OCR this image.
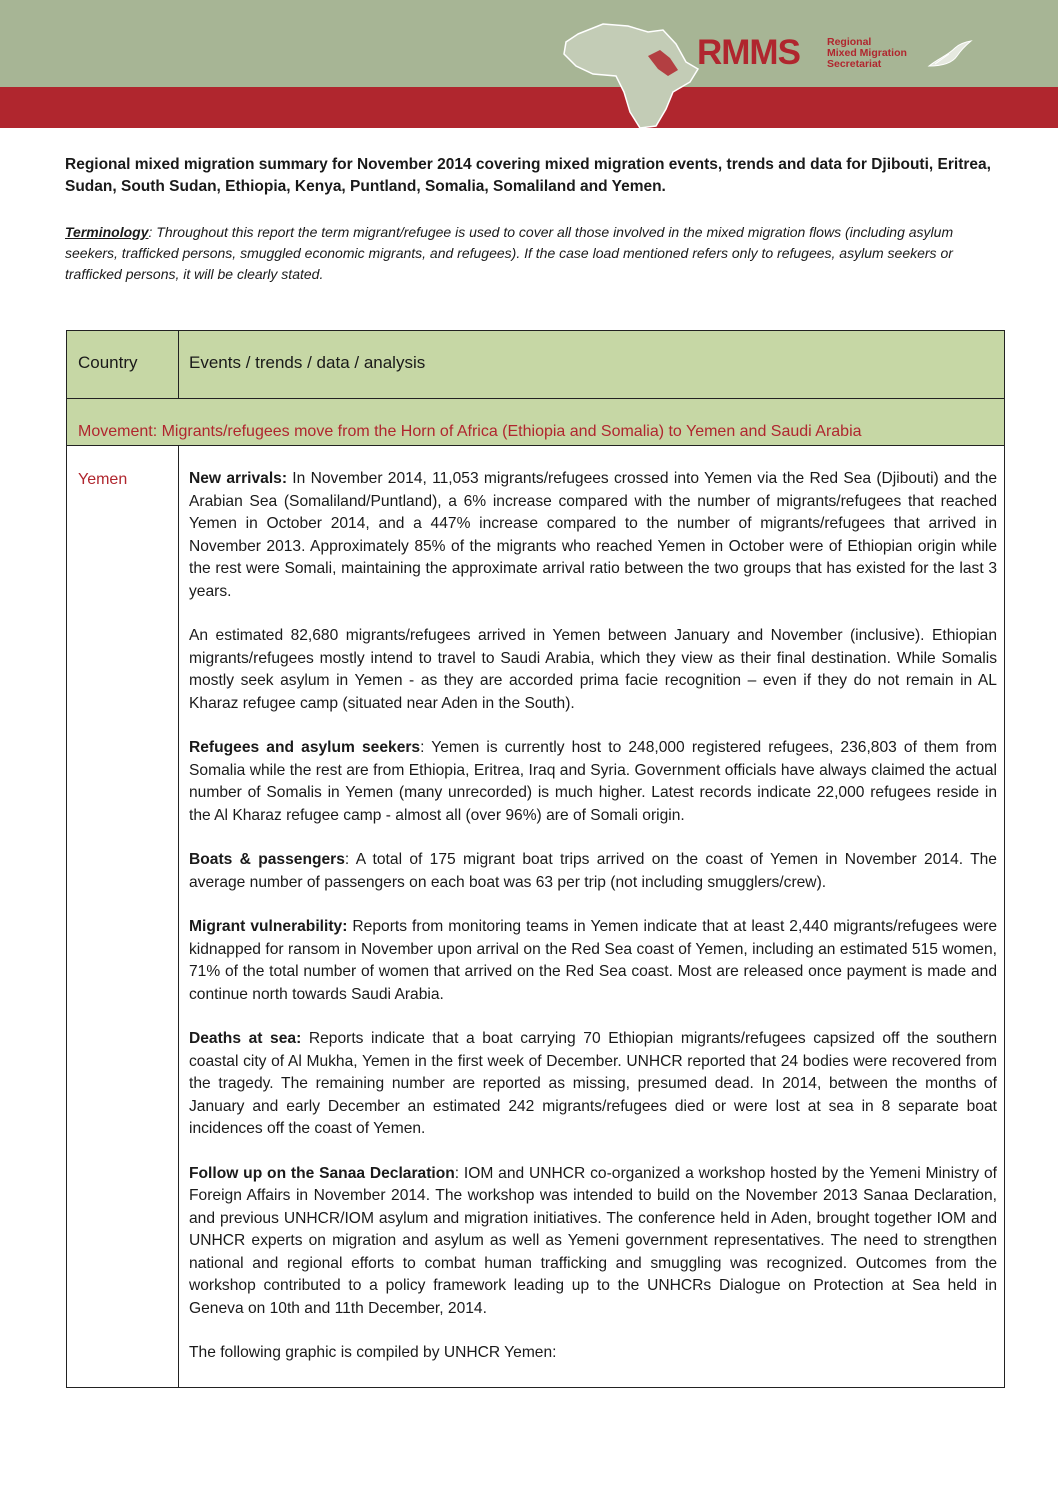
RMMS	Regional
Mixed Migration
Secretariat

Regional mixed migration summary for November 2014 covering mixed migration events, trends and data for Djibouti, Eritrea, Sudan, South Sudan, Ethiopia, Kenya, Puntland, Somalia, Somaliland and Yemen.

Terminology: Throughout this report the term migrant/refugee is used to cover all those involved in the mixed migration flows (including asylum seekers, trafficked persons, smuggled economic migrants, and refugees). If the case load mentioned refers only to refugees, asylum seekers or trafficked persons, it will be clearly stated.

Country	Events / trends / data / analysis
Movement: Migrants/refugees move from the Horn of Africa (Ethiopia and Somalia) to Yemen and Saudi Arabia
Yemen	New arrivals: In November 2014, 11,053 migrants/refugees crossed into Yemen via the Red Sea (Djibouti) and the Arabian Sea (Somaliland/Puntland), a 6% increase compared with the number of migrants/refugees that reached Yemen in October 2014, and a 447% increase compared to the number of migrants/refugees that arrived in November 2013. Approximately 85% of the migrants who reached Yemen in October were of Ethiopian origin while the rest were Somali, maintaining the approximate arrival ratio between the two groups that has existed for the last 3 years.

An estimated 82,680 migrants/refugees arrived in Yemen between January and November (inclusive). Ethiopian migrants/refugees mostly intend to travel to Saudi Arabia, which they view as their final destination. While Somalis mostly seek asylum in Yemen - as they are accorded prima facie recognition – even if they do not remain in AL Kharaz refugee camp (situated near Aden in the South).

Refugees and asylum seekers: Yemen is currently host to 248,000 registered refugees, 236,803 of them from Somalia while the rest are from Ethiopia, Eritrea, Iraq and Syria. Government officials have always claimed the actual number of Somalis in Yemen (many unrecorded) is much higher. Latest records indicate 22,000 refugees reside in the Al Kharaz refugee camp - almost all (over 96%) are of Somali origin.

Boats & passengers: A total of 175 migrant boat trips arrived on the coast of Yemen in November 2014. The average number of passengers on each boat was 63 per trip (not including smugglers/crew).

Migrant vulnerability: Reports from monitoring teams in Yemen indicate that at least 2,440 migrants/refugees were kidnapped for ransom in November upon arrival on the Red Sea coast of Yemen, including an estimated 515 women, 71% of the total number of women that arrived on the Red Sea coast. Most are released once payment is made and continue north towards Saudi Arabia.

Deaths at sea: Reports indicate that a boat carrying 70 Ethiopian migrants/refugees capsized off the southern coastal city of Al Mukha, Yemen in the first week of December. UNHCR reported that 24 bodies were recovered from the tragedy. The remaining number are reported as missing, presumed dead. In 2014, between the months of January and early December an estimated 242 migrants/refugees died or were lost at sea in 8 separate boat incidences off the coast of Yemen.

Follow up on the Sanaa Declaration: IOM and UNHCR co-organized a workshop hosted by the Yemeni Ministry of Foreign Affairs in November 2014. The workshop was intended to build on the November 2013 Sanaa Declaration, and previous UNHCR/IOM asylum and migration initiatives. The conference held in Aden, brought together IOM and UNHCR experts on migration and asylum as well as Yemeni government representatives. The need to strengthen national and regional efforts to combat human trafficking and smuggling was recognized. Outcomes from the workshop contributed to a policy framework leading up to the UNHCRs Dialogue on Protection at Sea held in Geneva on 10th and 11th December, 2014.

The following graphic is compiled by UNHCR Yemen:
